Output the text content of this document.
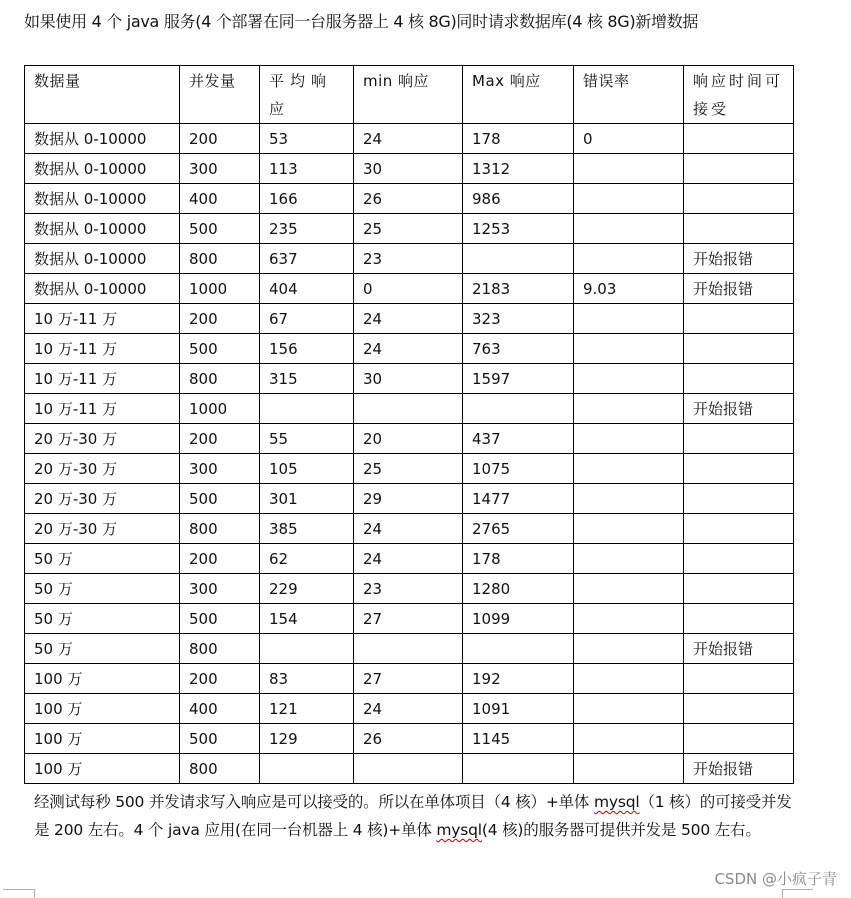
如果使用 4 个 java 服务(4 个部署在同一台服务器上 4 核 8G)同时请求数据库(4 核 8G)新增数据

数据量	并发量	平均响应	min 响应	Max 响应	错误率	响应时间可接受
数据从 0-10000	200	53	24	178	0	
数据从 0-10000	300	113	30	1312		
数据从 0-10000	400	166	26	986		
数据从 0-10000	500	235	25	1253		
数据从 0-10000	800	637	23			开始报错
数据从 0-10000	1000	404	0	2183	9.03	开始报错
10 万-11 万	200	67	24	323		
10 万-11 万	500	156	24	763		
10 万-11 万	800	315	30	1597		
10 万-11 万	1000					开始报错
20 万-30 万	200	55	20	437		
20 万-30 万	300	105	25	1075		
20 万-30 万	500	301	29	1477		
20 万-30 万	800	385	24	2765		
50 万	200	62	24	178		
50 万	300	229	23	1280		
50 万	500	154	27	1099		
50 万	800					开始报错
100 万	200	83	27	192		
100 万	400	121	24	1091		
100 万	500	129	26	1145		
100 万	800					开始报错

经测试每秒 500 并发请求写入响应是可以接受的。所以在单体项目（4 核）+单体 mysql（1 核）的可接受并发是 200 左右。4 个 java 应用(在同一台机器上 4 核)+单体 mysql(4 核)的服务器可提供并发是 500 左右。

CSDN @小疯子青
